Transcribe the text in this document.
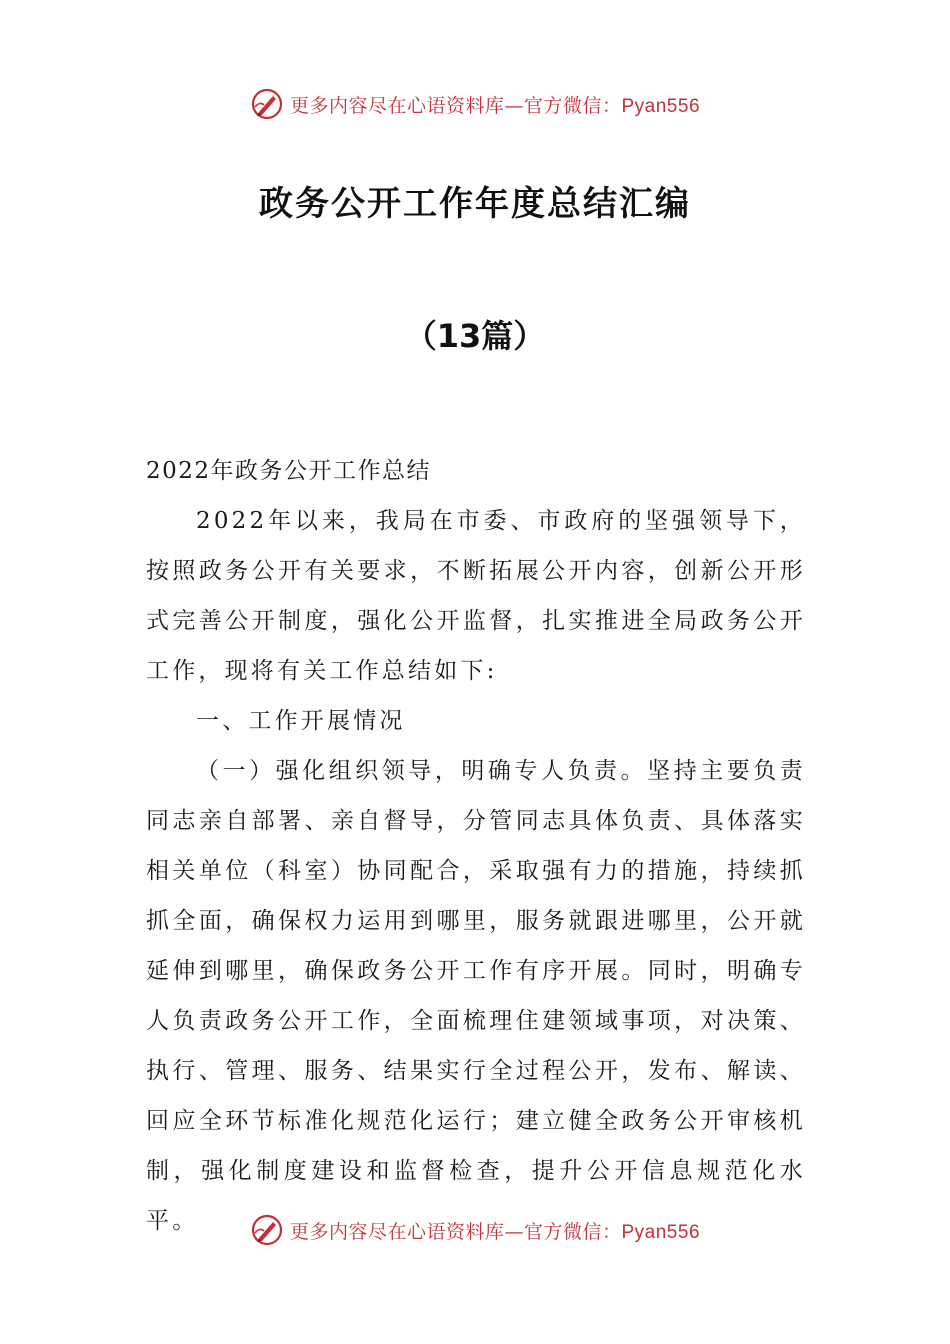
更多内容尽在心语资料库—官方微信：Pyan556
政务公开工作年度总结汇编
（13篇）

2022年政务公开工作总结

2022年以来，我局在市委、市政府的坚强领导下，按照政务公开有关要求，不断拓展公开内容，创新公开形式完善公开制度，强化公开监督，扎实推进全局政务公开工作，现将有关工作总结如下:

一、工作开展情况

（一）强化组织领导，明确专人负责。坚持主要负责同志亲自部署、亲自督导，分管同志具体负责、具体落实相关单位（科室）协同配合，采取强有力的措施，持续抓抓全面，确保权力运用到哪里，服务就跟进哪里，公开就延伸到哪里，确保政务公开工作有序开展。同时，明确专人负责政务公开工作，全面梳理住建领域事项，对决策、执行、管理、服务、结果实行全过程公开，发布、解读、回应全环节标准化规范化运行；建立健全政务公开审核机制，强化制度建设和监督检查，提升公开信息规范化水平。	更多内容尽在心语资料库—官方微信：Pyan556
